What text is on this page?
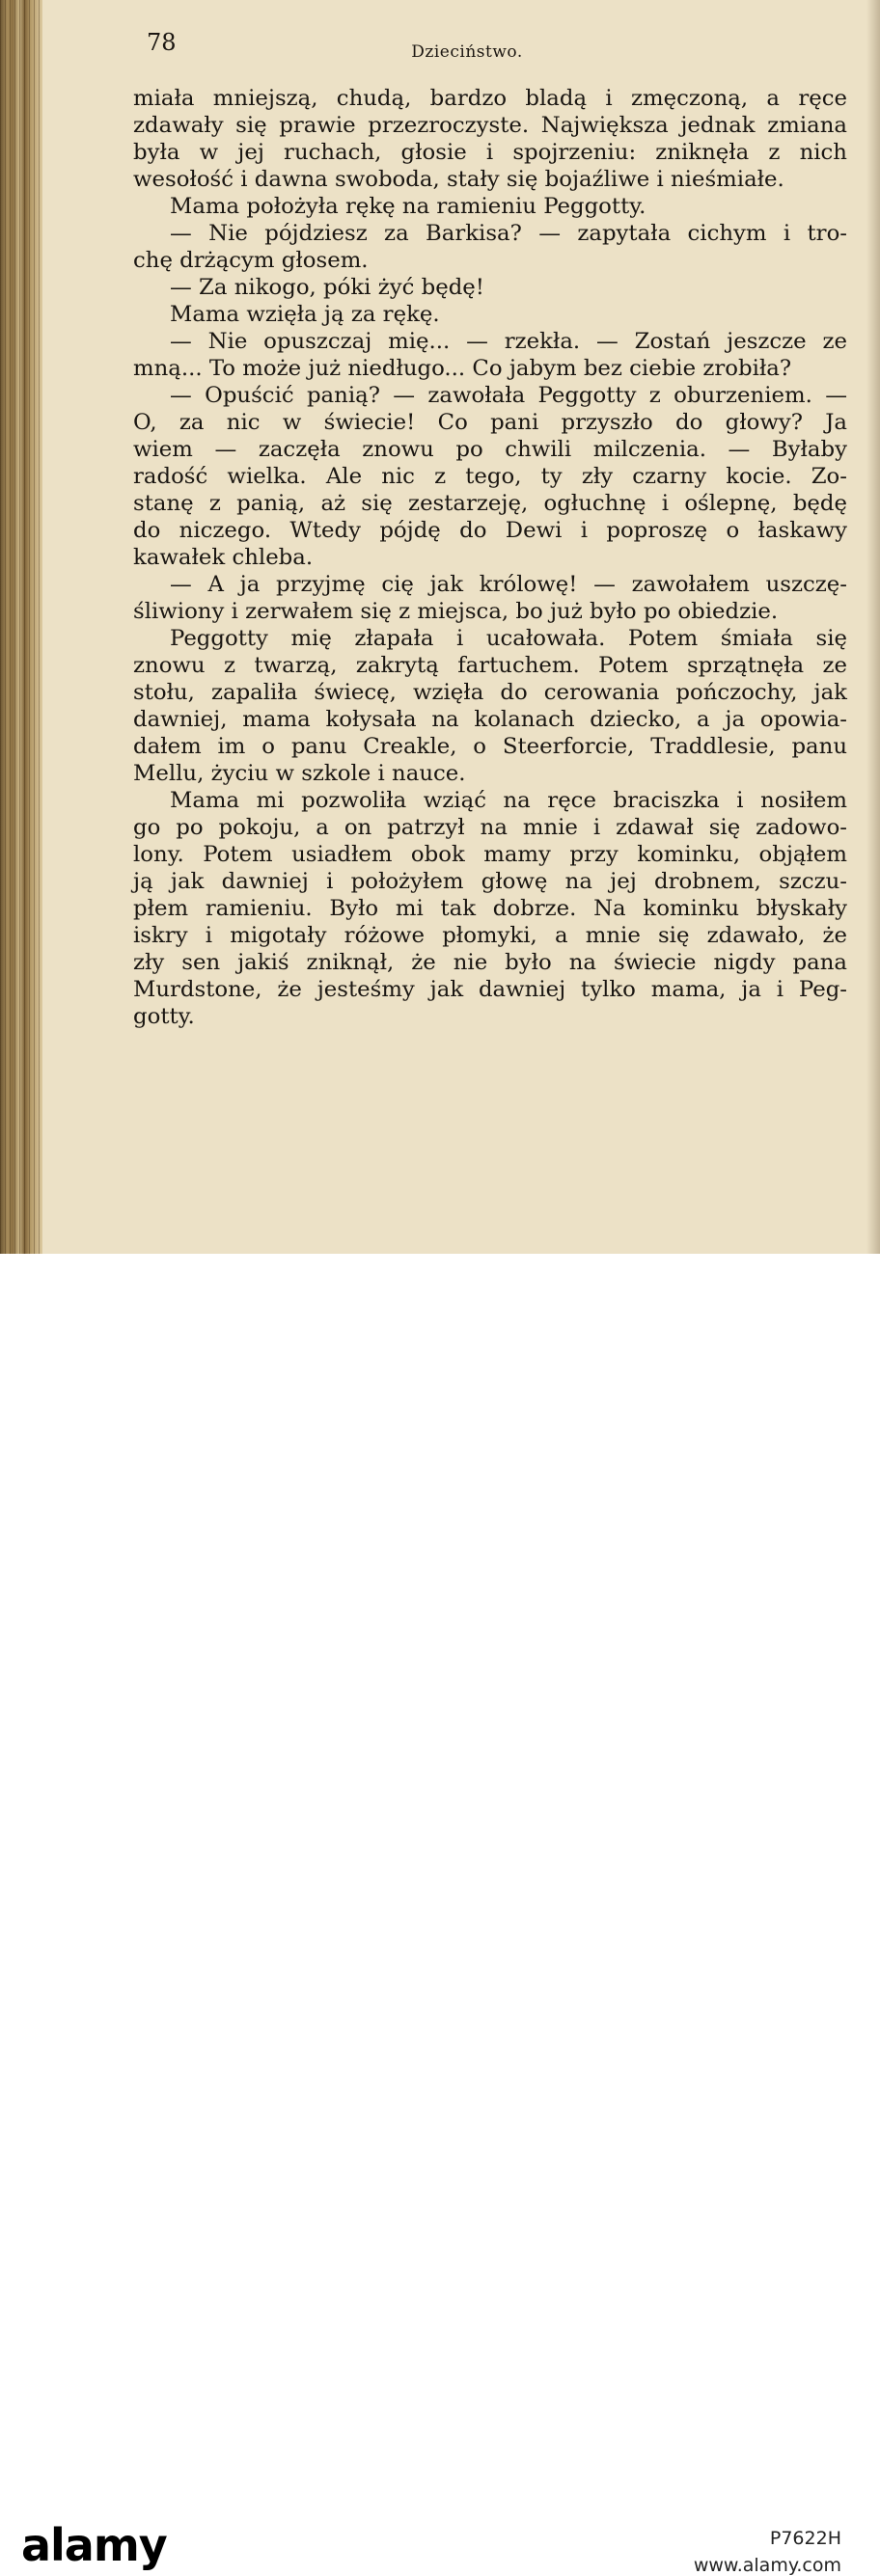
78	Dzieciństwo.
miała mniejszą, chudą, bardzo bladą i zmęczoną, a ręce
zdawały się prawie przezroczyste. Największa jednak zmiana
była w jej ruchach, głosie i spojrzeniu: zniknęła z nich
wesołość i dawna swoboda, stały się bojaźliwe i nieśmiałe.
Mama położyła rękę na ramieniu Peggotty.
— Nie pójdziesz za Barkisa? — zapytała cichym i tro-
chę drżącym głosem.
— Za nikogo, póki żyć będę!
Mama wzięła ją za rękę.
— Nie opuszczaj mię... — rzekła. — Zostań jeszcze ze
mną... To może już niedługo... Co jabym bez ciebie zrobiła?
— Opuścić panią? — zawołała Peggotty z oburzeniem. —
O, za nic w świecie! Co pani przyszło do głowy? Ja
wiem — zaczęła znowu po chwili milczenia. — Byłaby
radość wielka. Ale nic z tego, ty zły czarny kocie. Zo-
stanę z panią, aż się zestarzeję, ogłuchnę i oślepnę, będę
do niczego. Wtedy pójdę do Dewi i poproszę o łaskawy
kawałek chleba.
— A ja przyjmę cię jak królowę! — zawołałem uszczę-
śliwiony i zerwałem się z miejsca, bo już było po obiedzie.
Peggotty mię złapała i ucałowała. Potem śmiała się
znowu z twarzą, zakrytą fartuchem. Potem sprzątnęła ze
stołu, zapaliła świecę, wzięła do cerowania pończochy, jak
dawniej, mama kołysała na kolanach dziecko, a ja opowia-
dałem im o panu Creakle, o Steerforcie, Traddlesie, panu
Mellu, życiu w szkole i nauce.
Mama mi pozwoliła wziąć na ręce braciszka i nosiłem
go po pokoju, a on patrzył na mnie i zdawał się zadowo-
lony. Potem usiadłem obok mamy przy kominku, objąłem
ją jak dawniej i położyłem głowę na jej drobnem, szczu-
płem ramieniu. Było mi tak dobrze. Na kominku błyskały
iskry i migotały różowe płomyki, a mnie się zdawało, że
zły sen jakiś zniknął, że nie było na świecie nigdy pana
Murdstone, że jesteśmy jak dawniej tylko mama, ja i Peg-
gotty.
alamy	P7622H
www.alamy.com
